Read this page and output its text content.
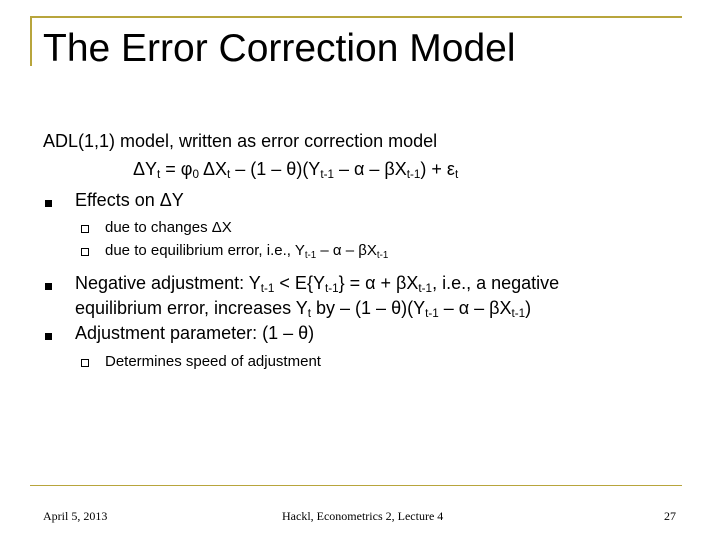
The Error Correction Model
ADL(1,1) model, written as error correction model
$\Delta Y_t = \varphi_0$ $\Delta X_t - (1 - \theta)(Y_{t-1} - \alpha - \beta X_{t-1}) + \varepsilon_t$
Effects on ΔY
due to changes ΔX
due to equilibrium error, i.e., $Y_{t-1}$ – α – $\beta X_{t-1}$
Negative adjustment: $Y_{t-1} < E\{Y_{t-1}\} = \alpha + \beta X_{t-1}$, i.e., a negative
equilibrium error, increases $Y_t$ by – $(1 - \theta)(Y_{t-1}$ – α – $\beta X_{t-1}$)
Adjustment parameter: (1 – θ)
Determines speed of adjustment
April 5, 2013	Hackl, Econometrics 2, Lecture 4	27
